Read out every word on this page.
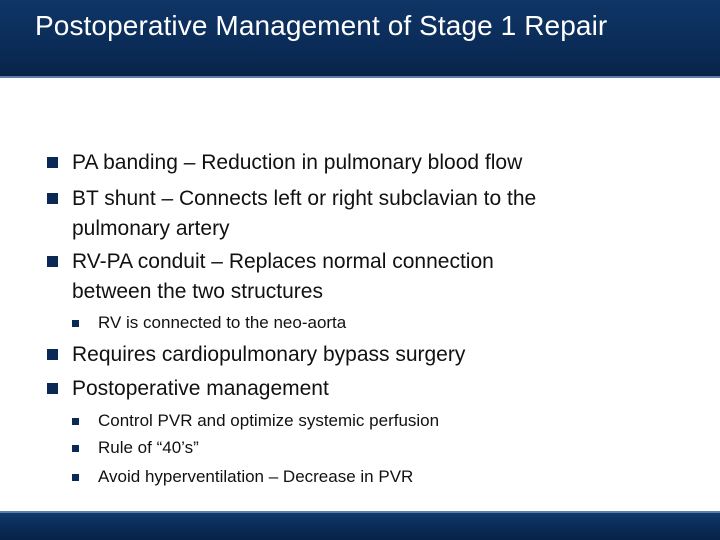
Postoperative Management of Stage 1 Repair
PA banding – Reduction in pulmonary blood flow
BT shunt – Connects left or right subclavian to the
pulmonary artery
RV-PA conduit – Replaces normal connection
between the two structures
RV is connected to the neo-aorta
Requires cardiopulmonary bypass surgery
Postoperative management
Control PVR and optimize systemic perfusion
Rule of “40’s”
Avoid hyperventilation – Decrease in PVR
